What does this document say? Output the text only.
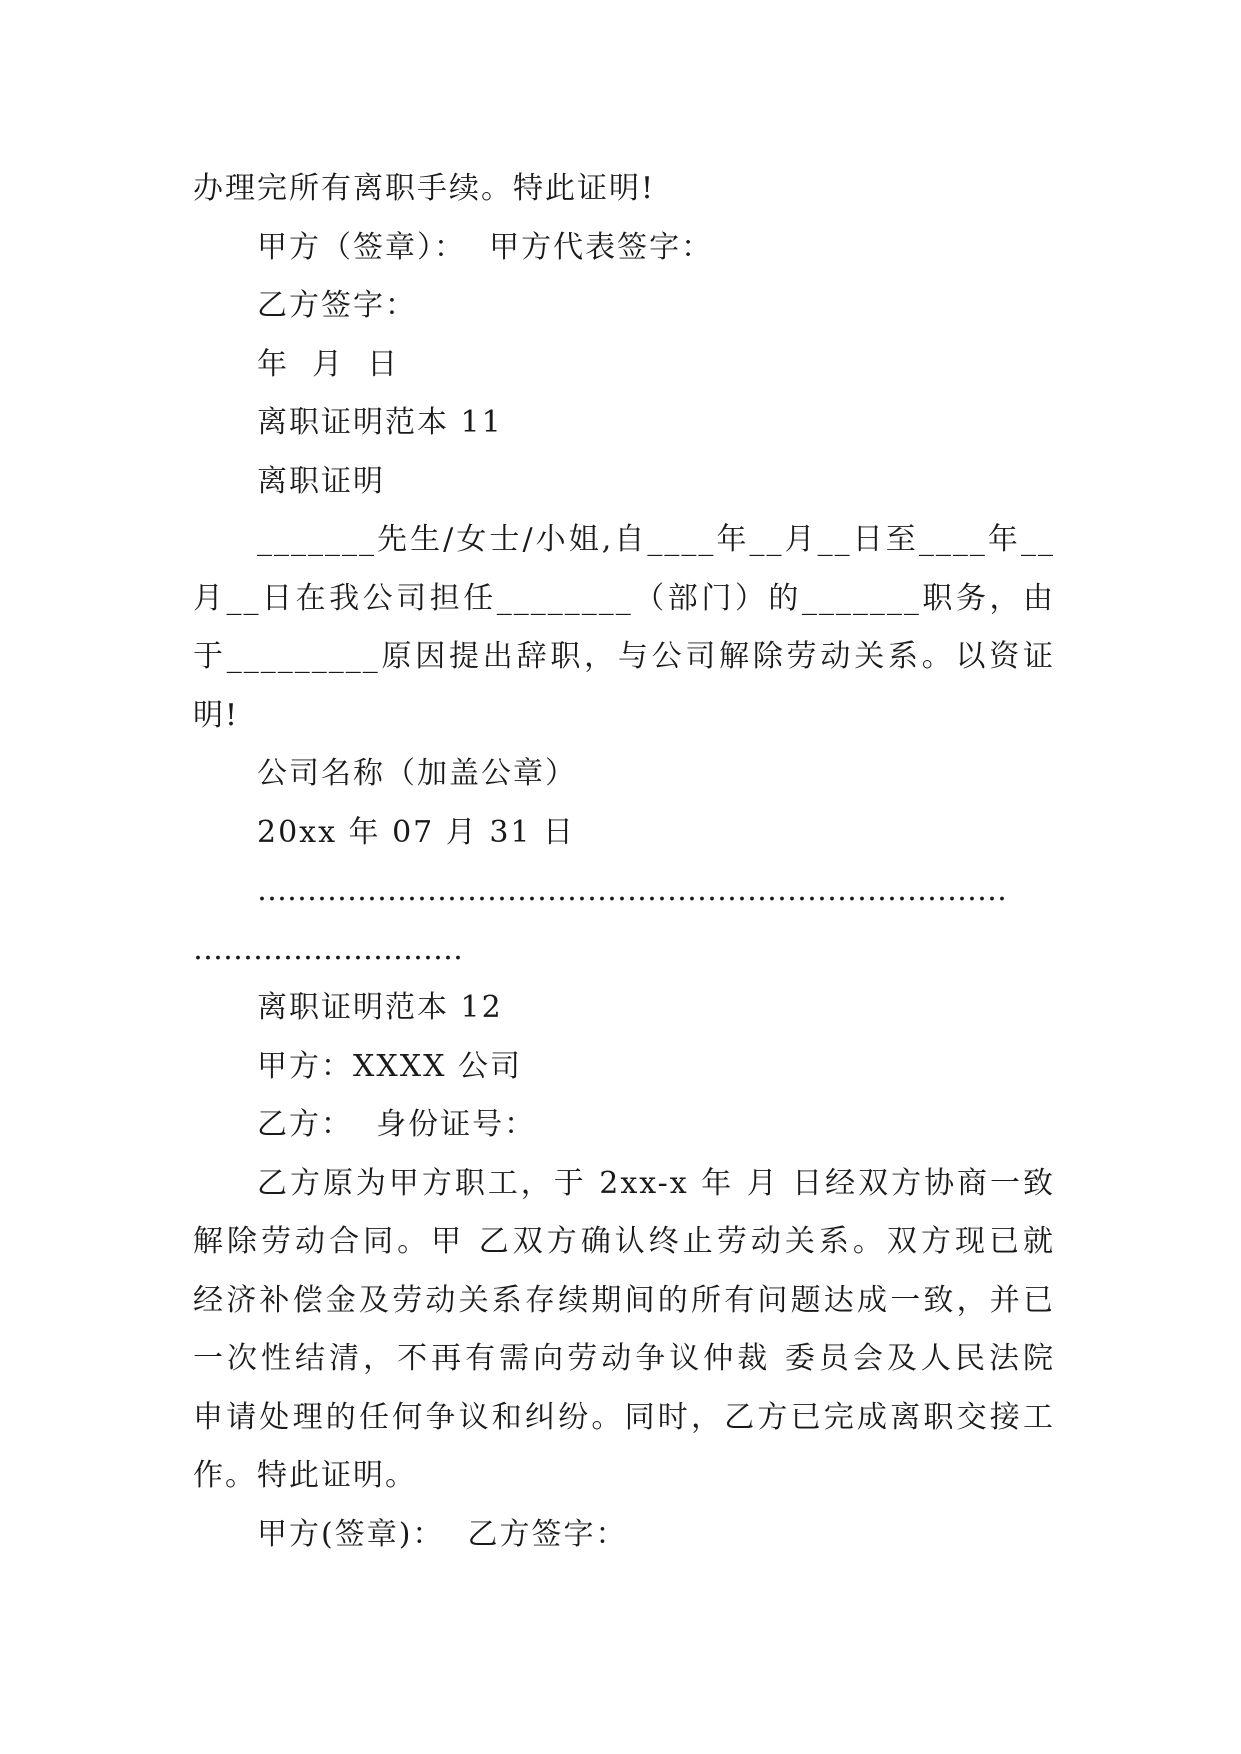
办理完所有离职手续。特此证明!
甲方（签章）：  甲方代表签字：
乙方签字：
年  月  日
离职证明范本 11
离职证明
_______先生/女士/小姐,自____年__月__日至____年__
月__日在我公司担任________（部门）的_______职务，由
于_________原因提出辞职，与公司解除劳动关系。以资证
明!
公司名称（加盖公章）
20xx 年 07 月 31 日
…………………………………………………………………
………………………
离职证明范本 12
甲方：XXXX 公司
乙方：  身份证号：
乙方原为甲方职工，于 2xx-x 年 月 日经双方协商一致
解除劳动合同。甲 乙双方确认终止劳动关系。双方现已就
经济补偿金及劳动关系存续期间的所有问题达成一致，并已
一次性结清，不再有需向劳动争议仲裁 委员会及人民法院
申请处理的任何争议和纠纷。同时，乙方已完成离职交接工
作。特此证明。
甲方(签章)：  乙方签字：
